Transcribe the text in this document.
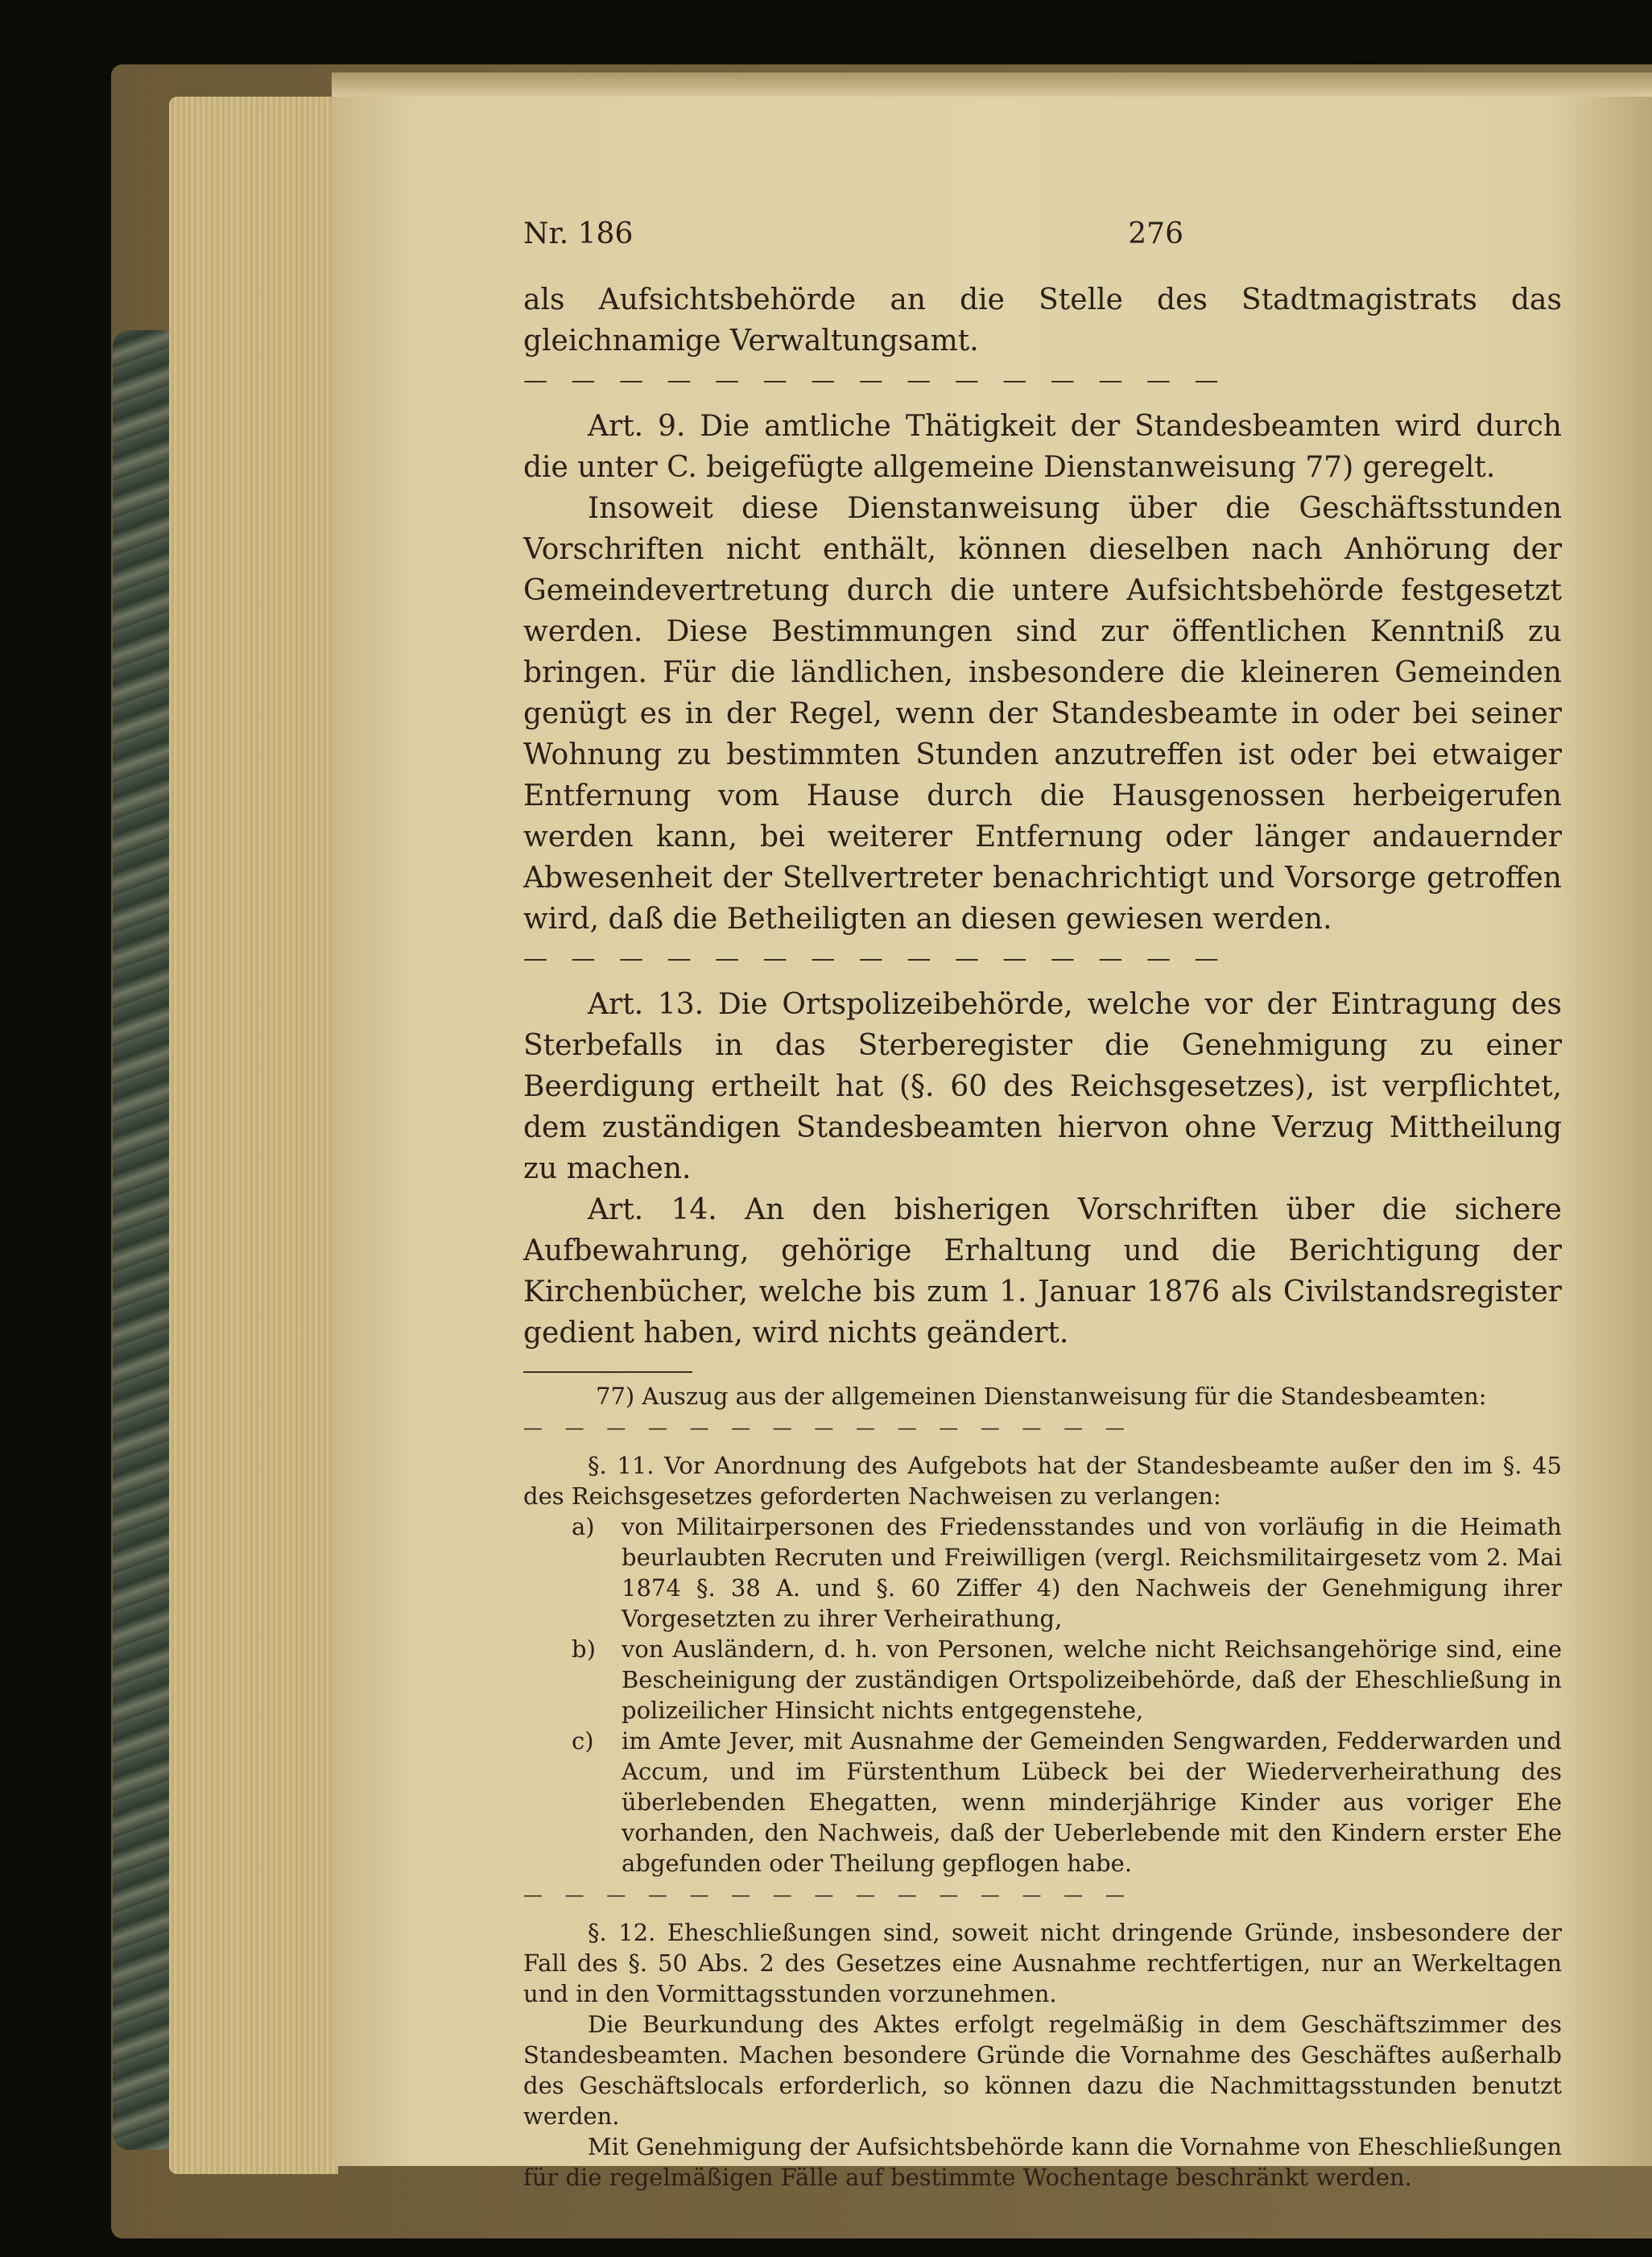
Nr. 186	276

als Aufsichtsbehörde an die Stelle des Stadtmagistrats das gleichnamige Verwaltungsamt.

— — — — — — — — — — — — — — —

Art. 9. Die amtliche Thätigkeit der Standesbeamten wird durch die unter C. beigefügte allgemeine Dienstanweisung 77) geregelt.

Insoweit diese Dienstanweisung über die Geschäftsstunden Vorschriften nicht enthält, können dieselben nach Anhörung der Gemeindevertretung durch die untere Aufsichtsbehörde festgesetzt werden. Diese Bestimmungen sind zur öffentlichen Kenntniß zu bringen. Für die ländlichen, insbesondere die kleineren Gemeinden genügt es in der Regel, wenn der Standesbeamte in oder bei seiner Wohnung zu bestimmten Stunden anzutreffen ist oder bei etwaiger Entfernung vom Hause durch die Hausgenossen herbeigerufen werden kann, bei weiterer Entfernung oder länger andauernder Abwesenheit der Stellvertreter benachrichtigt und Vorsorge getroffen wird, daß die Betheiligten an diesen gewiesen werden.

— — — — — — — — — — — — — — —

Art. 13. Die Ortspolizeibehörde, welche vor der Eintragung des Sterbefalls in das Sterberegister die Genehmigung zu einer Beerdigung ertheilt hat (§. 60 des Reichsgesetzes), ist verpflichtet, dem zuständigen Standesbeamten hiervon ohne Verzug Mittheilung zu machen.

Art. 14. An den bisherigen Vorschriften über die sichere Aufbewahrung, gehörige Erhaltung und die Berichtigung der Kirchenbücher, welche bis zum 1. Januar 1876 als Civilstandsregister gedient haben, wird nichts geändert.

77) Auszug aus der allgemeinen Dienstanweisung für die Standesbeamten:

— — — — — — — — — — — — — — —

§. 11. Vor Anordnung des Aufgebots hat der Standesbeamte außer den im §. 45 des Reichsgesetzes geforderten Nachweisen zu verlangen:

a)	von Militairpersonen des Friedensstandes und von vorläufig in die Heimath beurlaubten Recruten und Freiwilligen (vergl. Reichsmilitairgesetz vom 2. Mai 1874 §. 38 A. und §. 60 Ziffer 4) den Nachweis der Genehmigung ihrer Vorgesetzten zu ihrer Verheirathung,
b)	von Ausländern, d. h. von Personen, welche nicht Reichsangehörige sind, eine Bescheinigung der zuständigen Ortspolizeibehörde, daß der Eheschließung in polizeilicher Hinsicht nichts entgegenstehe,
c)	im Amte Jever, mit Ausnahme der Gemeinden Sengwarden, Fedderwarden und Accum, und im Fürstenthum Lübeck bei der Wiederverheirathung des überlebenden Ehegatten, wenn minderjährige Kinder aus voriger Ehe vorhanden, den Nachweis, daß der Ueberlebende mit den Kindern erster Ehe abgefunden oder Theilung gepflogen habe.
— — — — — — — — — — — — — — —

§. 12. Eheschließungen sind, soweit nicht dringende Gründe, insbesondere der Fall des §. 50 Abs. 2 des Gesetzes eine Ausnahme rechtfertigen, nur an Werkeltagen und in den Vormittagsstunden vorzunehmen.

Die Beurkundung des Aktes erfolgt regelmäßig in dem Geschäftszimmer des Standesbeamten. Machen besondere Gründe die Vornahme des Geschäftes außerhalb des Geschäftslocals erforderlich, so können dazu die Nachmittagsstunden benutzt werden.

Mit Genehmigung der Aufsichtsbehörde kann die Vornahme von Eheschließungen für die regelmäßigen Fälle auf bestimmte Wochentage beschränkt werden.
